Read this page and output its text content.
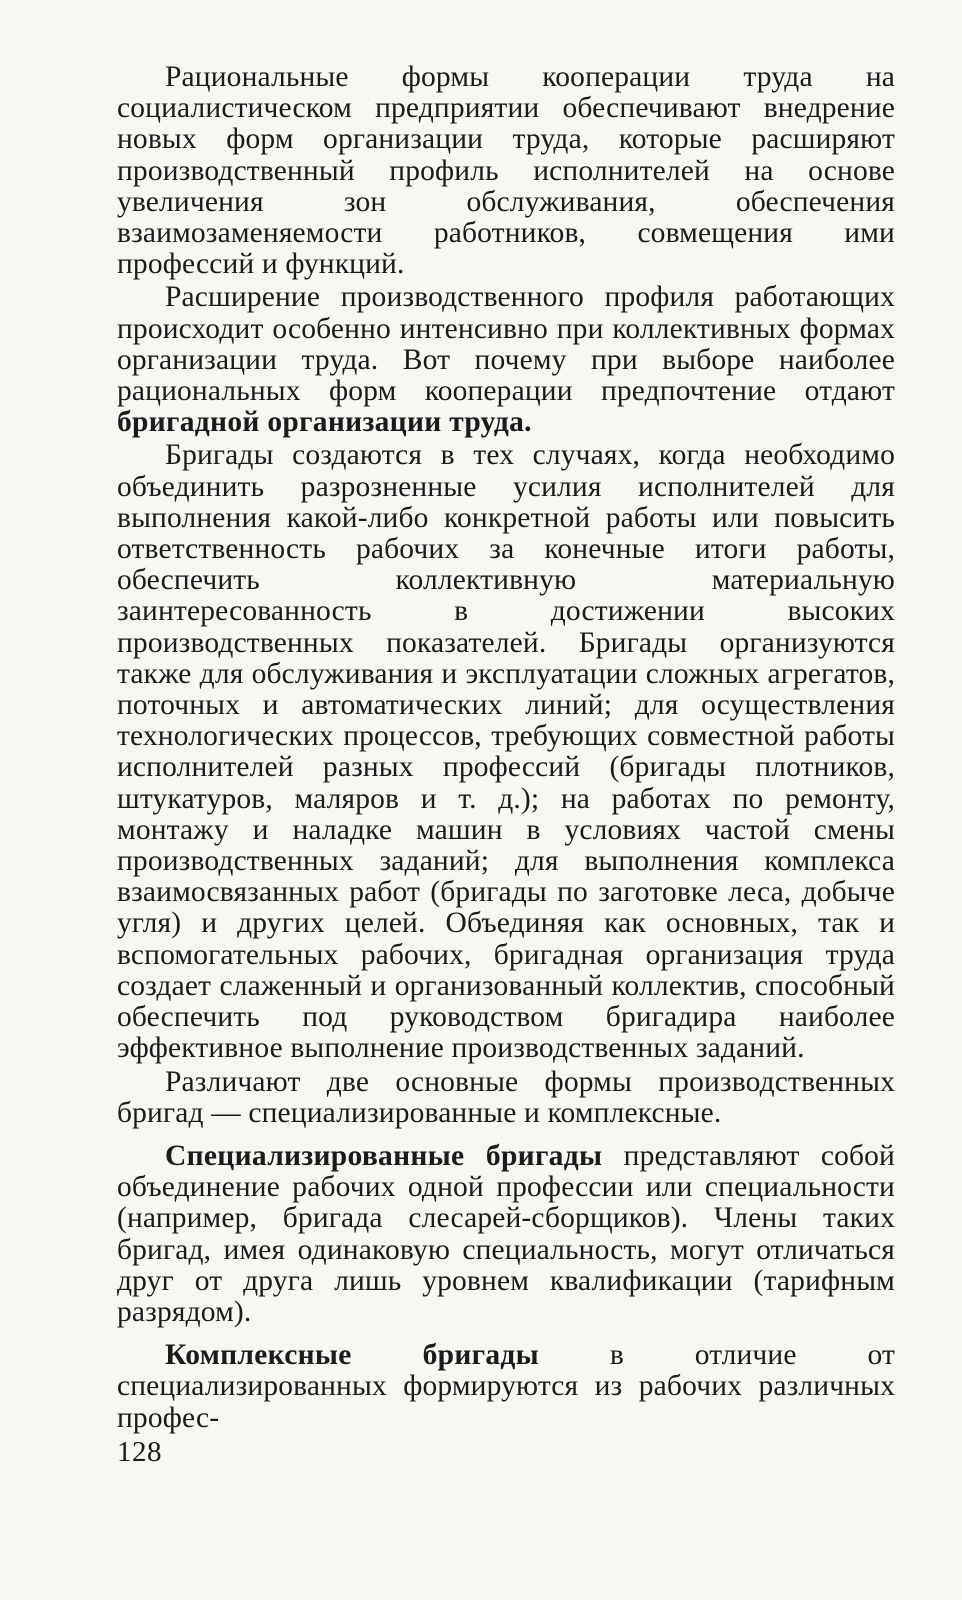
Рациональные формы кооперации труда на социалистическом предприятии обеспечивают внедрение новых форм организации труда, которые расширяют производственный профиль исполнителей на основе увеличения зон обслуживания, обеспечения взаимозаменяемости работников, совмещения ими профессий и функций.

Расширение производственного профиля работающих происходит особенно интенсивно при коллективных формах организации труда. Вот почему при выборе наиболее рациональных форм кооперации предпочтение отдают бригадной организации труда.

Бригады создаются в тех случаях, когда необходимо объединить разрозненные усилия исполнителей для выполнения какой-либо конкретной работы или повысить ответственность рабочих за конечные итоги работы, обеспечить коллективную материальную заинтересованность в достижении высоких производственных показателей. Бригады организуются также для обслуживания и эксплуатации сложных агрегатов, поточных и автоматических линий; для осуществления технологических процессов, требующих совместной работы исполнителей разных профессий (бригады плотников, штукатуров, маляров и т. д.); на работах по ремонту, монтажу и наладке машин в условиях частой смены производственных заданий; для выполнения комплекса взаимосвязанных работ (бригады по заготовке леса, добыче угля) и других целей. Объединяя как основных, так и вспомогательных рабочих, бригадная организация труда создает слаженный и организованный коллектив, способный обеспечить под руководством бригадира наиболее эффективное выполнение производственных заданий.

Различают две основные формы производственных бригад — специализированные и комплексные.

Специализированные бригады представляют собой объединение рабочих одной профессии или специальности (например, бригада слесарей-сборщиков). Члены таких бригад, имея одинаковую специальность, могут отличаться друг от друга лишь уровнем квалификации (тарифным разрядом).

Комплексные бригады в отличие от специализированных формируются из рабочих различных профес-

128
